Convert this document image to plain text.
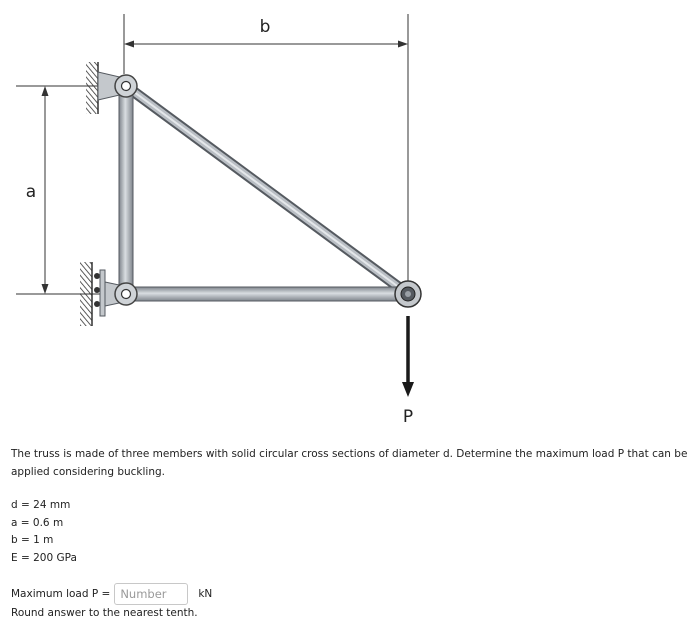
b
a
P

The truss is made of three members with solid circular cross sections of diameter d. Determine the maximum load P that can be applied considering buckling.

d = 24 mm
a = 0.6 m
b = 1 m
E = 200 GPa
Maximum load P =
Number	kN

Round answer to the nearest tenth.
